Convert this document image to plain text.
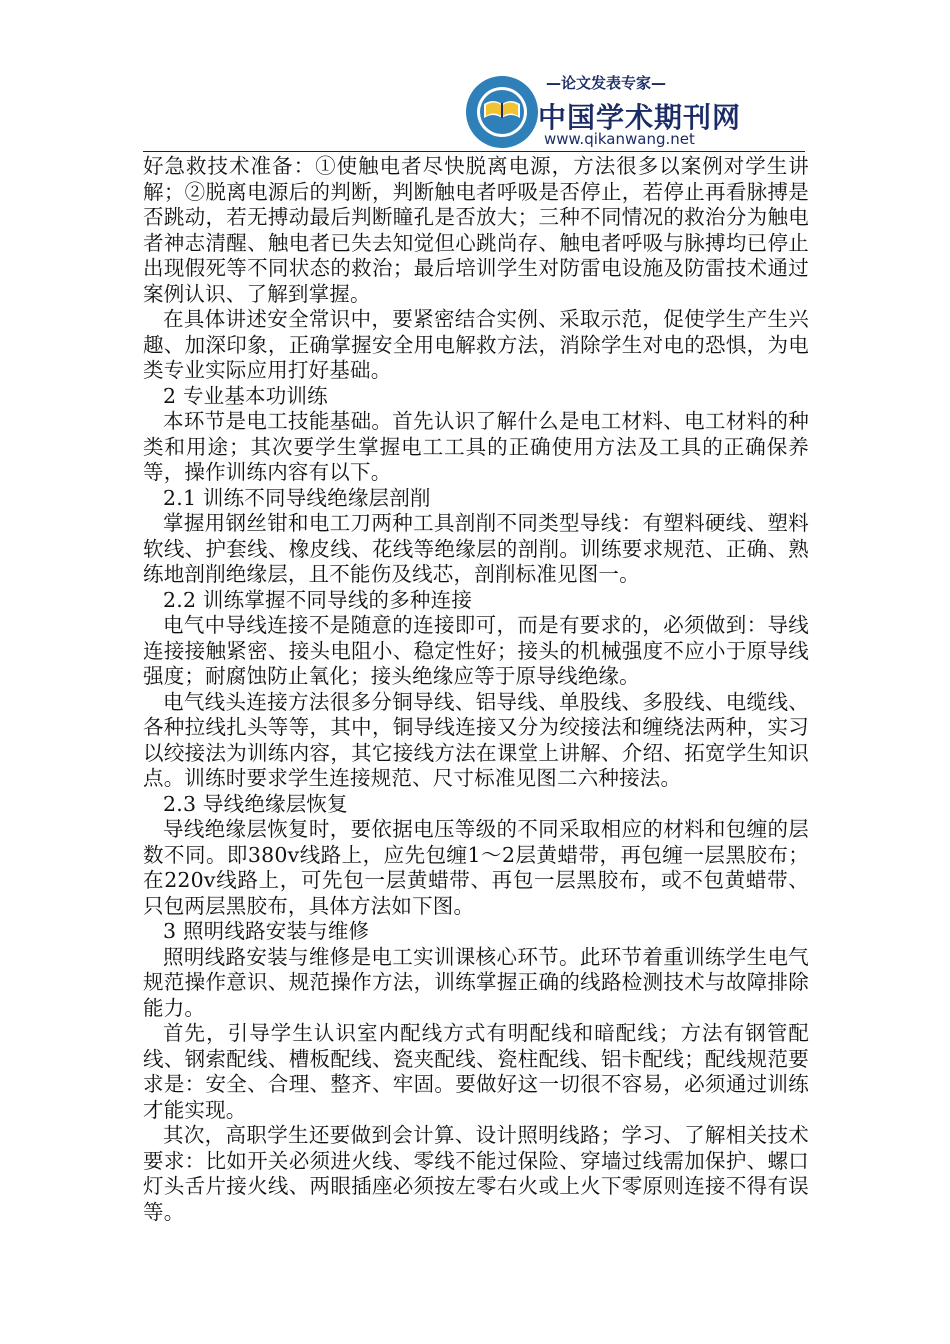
—论文发表专家—
中国学术期刊网
www.qikanwang.net

好急救技术准备：①使触电者尽快脱离电源，方法很多以案例对学生讲解；②脱离电源后的判断，判断触电者呼吸是否停止，若停止再看脉搏是否跳动，若无搏动最后判断瞳孔是否放大；三种不同情况的救治分为触电者神志清醒、触电者已失去知觉但心跳尚存、触电者呼吸与脉搏均已停止出现假死等不同状态的救治；最后培训学生对防雷电设施及防雷技术通过案例认识、了解到掌握。

在具体讲述安全常识中，要紧密结合实例、采取示范，促使学生产生兴趣、加深印象，正确掌握安全用电解救方法，消除学生对电的恐惧，为电类专业实际应用打好基础。

2 专业基本功训练

本环节是电工技能基础。首先认识了解什么是电工材料、电工材料的种类和用途；其次要学生掌握电工工具的正确使用方法及工具的正确保养等，操作训练内容有以下。

2.1 训练不同导线绝缘层剖削

掌握用钢丝钳和电工刀两种工具剖削不同类型导线：有塑料硬线、塑料软线、护套线、橡皮线、花线等绝缘层的剖削。训练要求规范、正确、熟练地剖削绝缘层，且不能伤及线芯，剖削标准见图一。

2.2 训练掌握不同导线的多种连接

电气中导线连接不是随意的连接即可，而是有要求的，必须做到：导线连接接触紧密、接头电阻小、稳定性好；接头的机械强度不应小于原导线强度；耐腐蚀防止氧化；接头绝缘应等于原导线绝缘。

电气线头连接方法很多分铜导线、铝导线、单股线、多股线、电缆线、各种拉线扎头等等，其中，铜导线连接又分为绞接法和缠绕法两种，实习以绞接法为训练内容，其它接线方法在课堂上讲解、介绍、拓宽学生知识点。训练时要求学生连接规范、尺寸标准见图二六种接法。

2.3 导线绝缘层恢复

导线绝缘层恢复时，要依据电压等级的不同采取相应的材料和包缠的层数不同。即380v线路上，应先包缠1～2层黄蜡带，再包缠一层黑胶布；在220v线路上，可先包一层黄蜡带、再包一层黑胶布，或不包黄蜡带、只包两层黑胶布，具体方法如下图。

3 照明线路安装与维修

照明线路安装与维修是电工实训课核心环节。此环节着重训练学生电气规范操作意识、规范操作方法，训练掌握正确的线路检测技术与故障排除能力。

首先，引导学生认识室内配线方式有明配线和暗配线；方法有钢管配线、钢索配线、槽板配线、瓷夹配线、瓷柱配线、铝卡配线；配线规范要求是：安全、合理、整齐、牢固。要做好这一切很不容易，必须通过训练才能实现。

其次，高职学生还要做到会计算、设计照明线路；学习、了解相关技术要求：比如开关必须进火线、零线不能过保险、穿墙过线需加保护、螺口灯头舌片接火线、两眼插座必须按左零右火或上火下零原则连接不得有误等。
